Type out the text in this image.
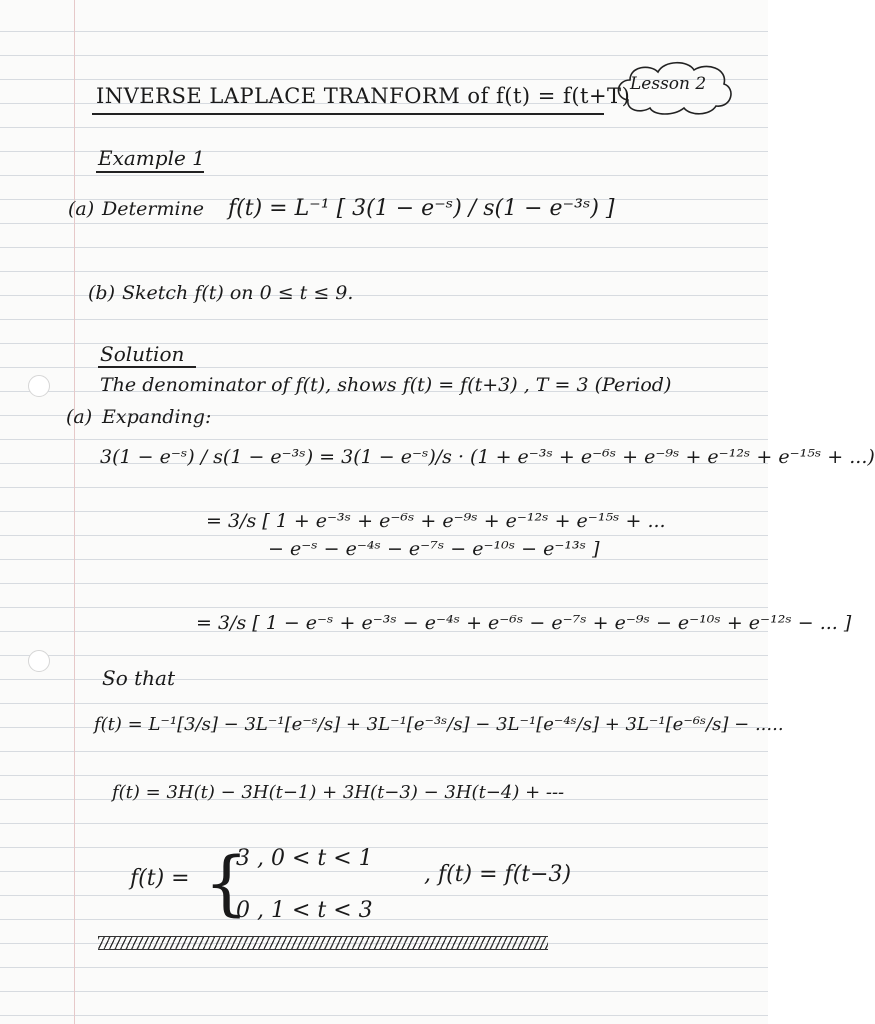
INVERSE LAPLACE TRANFORM of f(t) = f(t+T) Lesson 2
Example 1
(a) Determine f(t) = L⁻¹ [ 3(1 − e⁻ˢ) / s(1 − e⁻³ˢ) ]
(b) Sketch f(t) on 0 ≤ t ≤ 9.
Solution
The denominator of f(t), shows f(t) = f(t+3) , T = 3 (Period)
(a) Expanding:
3(1 − e⁻ˢ) / s(1 − e⁻³ˢ) = 3(1 − e⁻ˢ)/s · (1 + e⁻³ˢ + e⁻⁶ˢ + e⁻⁹ˢ + e⁻¹²ˢ + e⁻¹⁵ˢ + ...)
= 3/s [ 1 + e⁻³ˢ + e⁻⁶ˢ + e⁻⁹ˢ + e⁻¹²ˢ + e⁻¹⁵ˢ + ...
− e⁻ˢ − e⁻⁴ˢ − e⁻⁷ˢ − e⁻¹⁰ˢ − e⁻¹³ˢ ]
= 3/s [ 1 − e⁻ˢ + e⁻³ˢ − e⁻⁴ˢ + e⁻⁶ˢ − e⁻⁷ˢ + e⁻⁹ˢ − e⁻¹⁰ˢ + e⁻¹²ˢ − ... ]
So that
f(t) = L⁻¹[3/s] − 3L⁻¹[e⁻ˢ/s] + 3L⁻¹[e⁻³ˢ/s] − 3L⁻¹[e⁻⁴ˢ/s] + 3L⁻¹[e⁻⁶ˢ/s] − .....
f(t) = 3H(t) − 3H(t−1) + 3H(t−3) − 3H(t−4) + ---
f(t) = {
3 , 0 < t < 1
0 , 1 < t < 3
, f(t) = f(t−3)
